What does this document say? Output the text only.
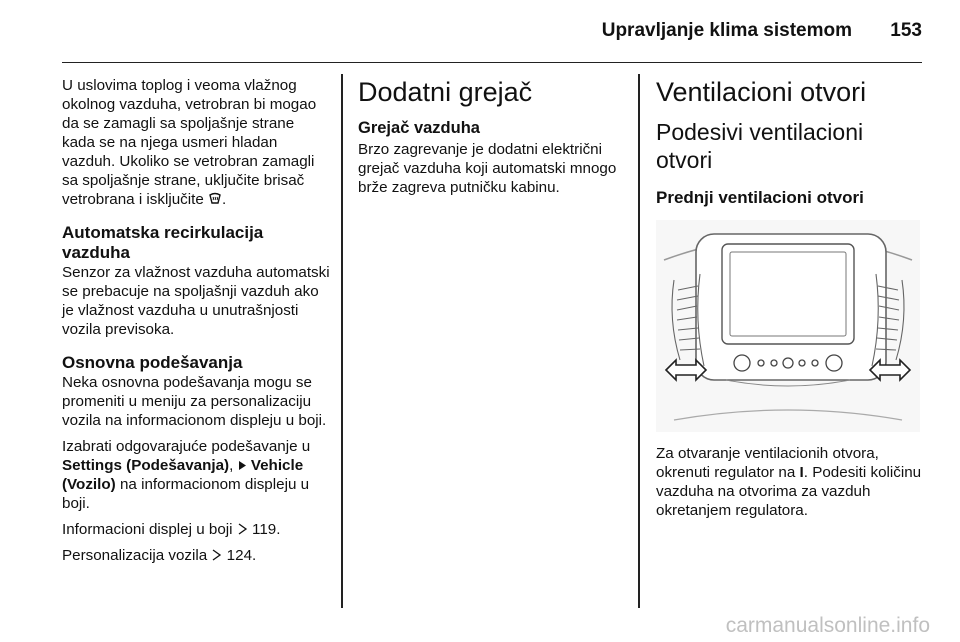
Upravljanje klima sistemom 153

U uslovima toplog i veoma vlažnog okolnog vazduha, vetrobran bi mogao da se zamagli sa spoljašnje strane kada se na njega usmeri hladan vazduh. Ukoliko se vetrobran zamagli sa spoljašnje strane, uključite brisač vetrobrana i isključite .

Automatska recirkulacija vazduha

Senzor za vlažnost vazduha automatski se prebacuje na spoljašnji vazduh ako je vlažnost vazduha u unutrašnjosti vozila previsoka.

Osnovna podešavanja

Neka osnovna podešavanja mogu se promeniti u meniju za personalizaciju vozila na informacionom displeju u boji.

Izabrati odgovarajuće podešavanje u Settings (Podešavanja), Vehicle (Vozilo) na informacionom displeju u boji.

Informacioni displej u boji 119.

Personalizacija vozila 124.

Dodatni grejač
Grejač vazduha

Brzo zagrevanje je dodatni električni grejač vazduha koji automatski mnogo brže zagreva putničku kabinu.

Ventilacioni otvori
Podesivi ventilacioni otvori
Prednji ventilacioni otvori

Za otvaranje ventilacionih otvora, okrenuti regulator na I. Podesiti količinu vazduha na otvorima za vazduh okretanjem regulatora.

carmanualsonline.info
